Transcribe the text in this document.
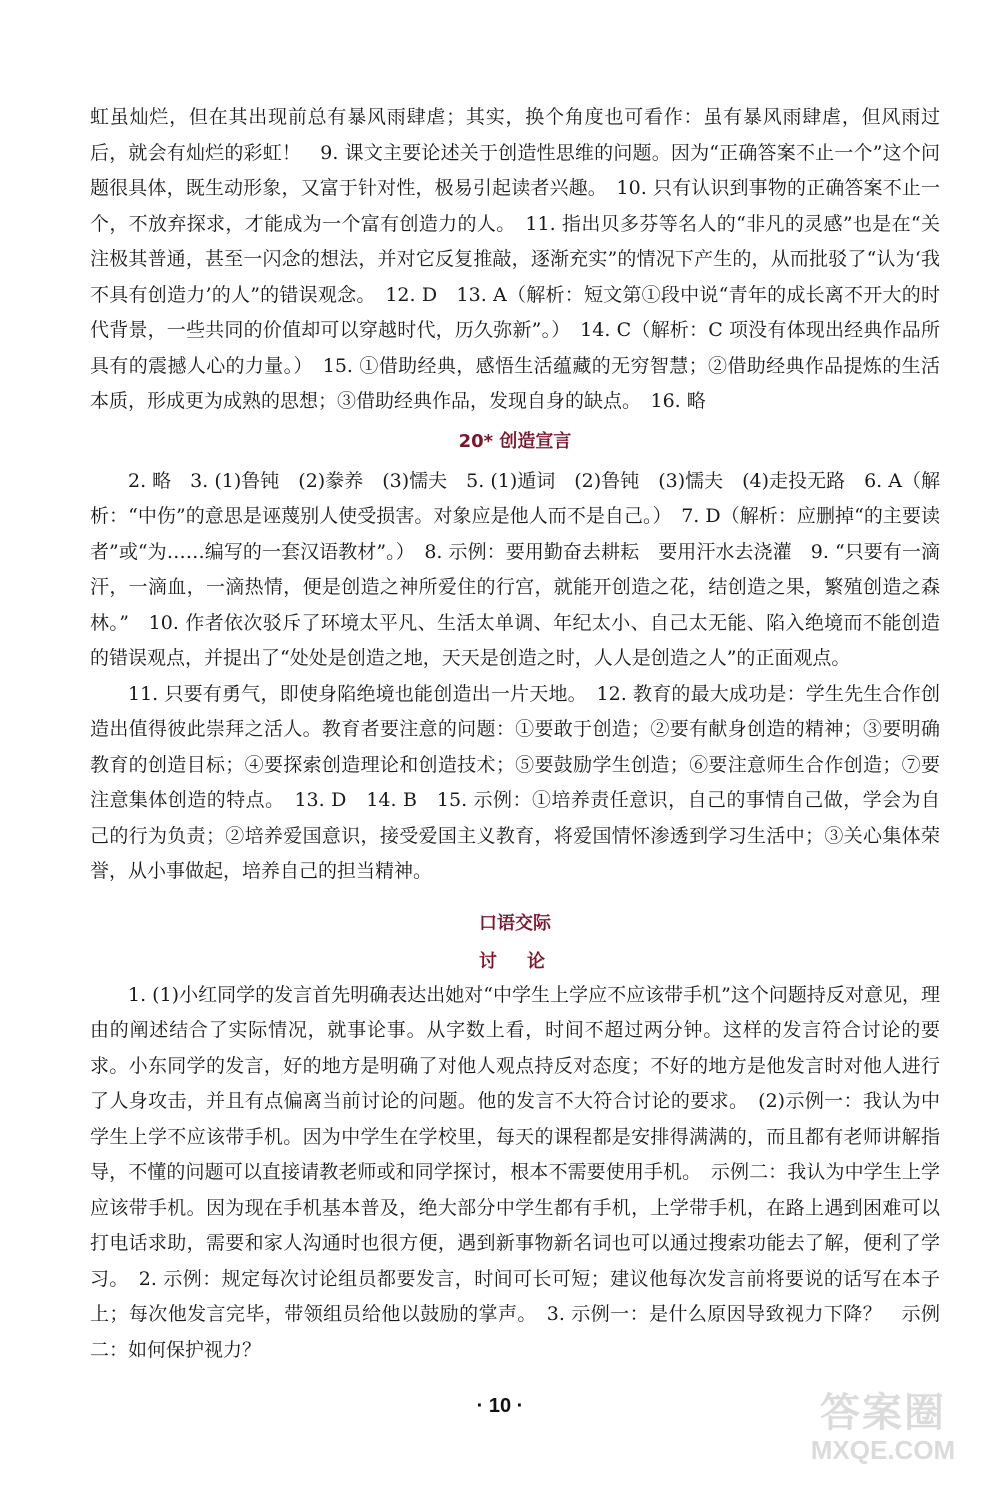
虹虽灿烂，但在其出现前总有暴风雨肆虐；其实，换个角度也可看作：虽有暴风雨肆虐，但风雨过后，就会有灿烂的彩虹！　9. 课文主要论述关于创造性思维的问题。因为“正确答案不止一个”这个问题很具体，既生动形象，又富于针对性，极易引起读者兴趣。　10. 只有认识到事物的正确答案不止一个，不放弃探求，才能成为一个富有创造力的人。　11. 指出贝多芬等名人的“非凡的灵感”也是在“关注极其普通，甚至一闪念的想法，并对它反复推敲，逐渐充实”的情况下产生的，从而批驳了“认为‘我不具有创造力’的人”的错误观念。　12. D　13. A（解析：短文第①段中说“青年的成长离不开大的时代背景，一些共同的价值却可以穿越时代，历久弥新”。）　14. C（解析：C 项没有体现出经典作品所具有的震撼人心的力量。）　15. ①借助经典，感悟生活蕴藏的无穷智慧；②借助经典作品提炼的生活本质，形成更为成熟的思想；③借助经典作品，发现自身的缺点。　16. 略

20* 创造宣言

2. 略　3. (1)鲁钝　(2)豢养　(3)懦夫　5. (1)遁词　(2)鲁钝　(3)懦夫　(4)走投无路　6. A（解析：“中伤”的意思是诬蔑别人使受损害。对象应是他人而不是自己。）　7. D（解析：应删掉“的主要读者”或“为……编写的一套汉语教材”。）　8. 示例：要用勤奋去耕耘　要用汗水去浇灌　9. “只要有一滴汗，一滴血，一滴热情，便是创造之神所爱住的行宫，就能开创造之花，结创造之果，繁殖创造之森林。”　10. 作者依次驳斥了环境太平凡、生活太单调、年纪太小、自己太无能、陷入绝境而不能创造的错误观点，并提出了“处处是创造之地，天天是创造之时，人人是创造之人”的正面观点。

11. 只要有勇气，即使身陷绝境也能创造出一片天地。　12. 教育的最大成功是：学生先生合作创造出值得彼此崇拜之活人。教育者要注意的问题：①要敢于创造；②要有献身创造的精神；③要明确教育的创造目标；④要探索创造理论和创造技术；⑤要鼓励学生创造；⑥要注意师生合作创造；⑦要注意集体创造的特点。　13. D　14. B　15. 示例：①培养责任意识，自己的事情自己做，学会为自己的行为负责；②培养爱国意识，接受爱国主义教育，将爱国情怀渗透到学习生活中；③关心集体荣誉，从小事做起，培养自己的担当精神。

口语交际
讨　论

1. (1)小红同学的发言首先明确表达出她对“中学生上学应不应该带手机”这个问题持反对意见，理由的阐述结合了实际情况，就事论事。从字数上看，时间不超过两分钟。这样的发言符合讨论的要求。小东同学的发言，好的地方是明确了对他人观点持反对态度；不好的地方是他发言时对他人进行了人身攻击，并且有点偏离当前讨论的问题。他的发言不大符合讨论的要求。　(2)示例一：我认为中学生上学不应该带手机。因为中学生在学校里，每天的课程都是安排得满满的，而且都有老师讲解指导，不懂的问题可以直接请教老师或和同学探讨，根本不需要使用手机。　示例二：我认为中学生上学应该带手机。因为现在手机基本普及，绝大部分中学生都有手机，上学带手机，在路上遇到困难可以打电话求助，需要和家人沟通时也很方便，遇到新事物新名词也可以通过搜索功能去了解，便利了学习。　2. 示例：规定每次讨论组员都要发言，时间可长可短；建议他每次发言前将要说的话写在本子上；每次他发言完毕，带领组员给他以鼓励的掌声。　3. 示例一：是什么原因导致视力下降？　示例二：如何保护视力？

· 10 ·	答案圈
MXQE.COM
